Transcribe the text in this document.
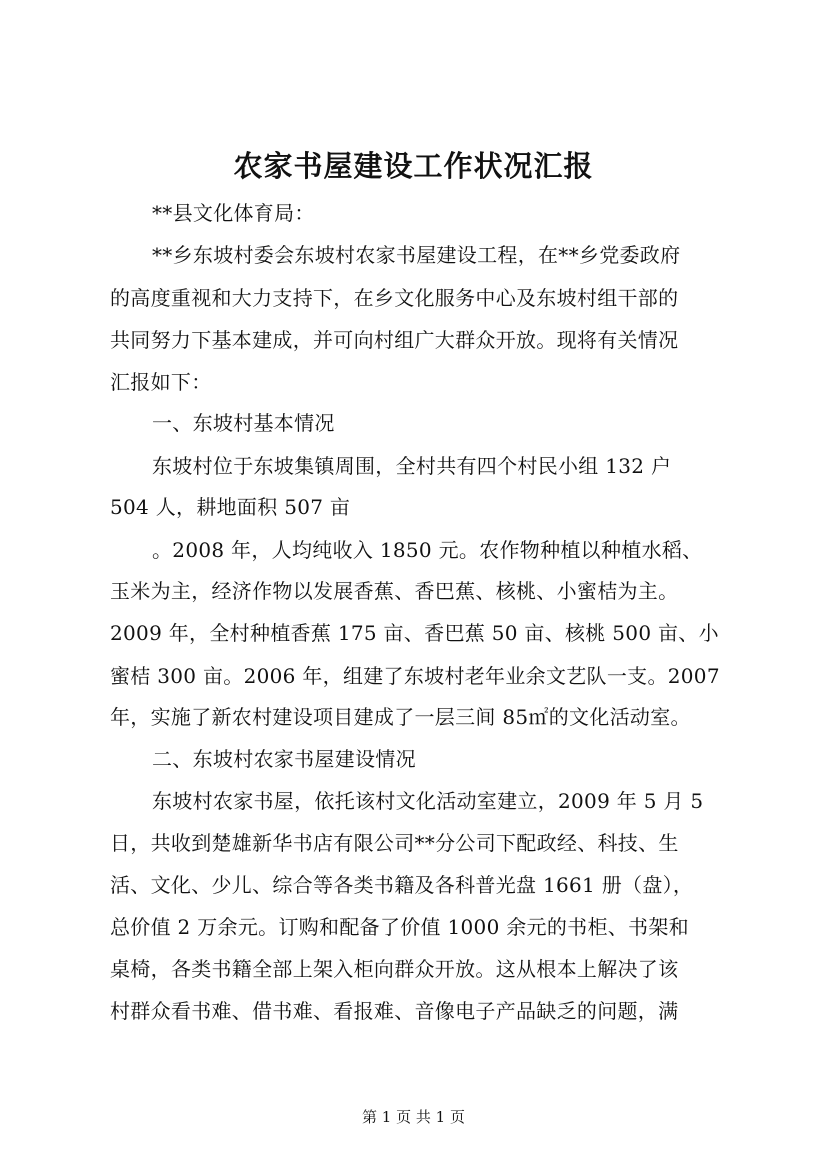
农家书屋建设工作状况汇报
**县文化体育局：
**乡东坡村委会东坡村农家书屋建设工程，在**乡党委政府
的高度重视和大力支持下，在乡文化服务中心及东坡村组干部的
共同努力下基本建成，并可向村组广大群众开放。现将有关情况
汇报如下：
一、东坡村基本情况
东坡村位于东坡集镇周围，全村共有四个村民小组 132 户
504 人，耕地面积 507 亩
。2008 年，人均纯收入 1850 元。农作物种植以种植水稻、
玉米为主，经济作物以发展香蕉、香巴蕉、核桃、小蜜桔为主。
2009 年，全村种植香蕉 175 亩、香巴蕉 50 亩、核桃 500 亩、小
蜜桔 300 亩。2006 年，组建了东坡村老年业余文艺队一支。2007
年，实施了新农村建设项目建成了一层三间 85㎡的文化活动室。
二、东坡村农家书屋建设情况
东坡村农家书屋，依托该村文化活动室建立，2009 年 5 月 5
日，共收到楚雄新华书店有限公司**分公司下配政经、科技、生
活、文化、少儿、综合等各类书籍及各科普光盘 1661 册（盘），
总价值 2 万余元。订购和配备了价值 1000 余元的书柜、书架和
桌椅，各类书籍全部上架入柜向群众开放。这从根本上解决了该
村群众看书难、借书难、看报难、音像电子产品缺乏的问题，满
第 1 页 共 1 页
